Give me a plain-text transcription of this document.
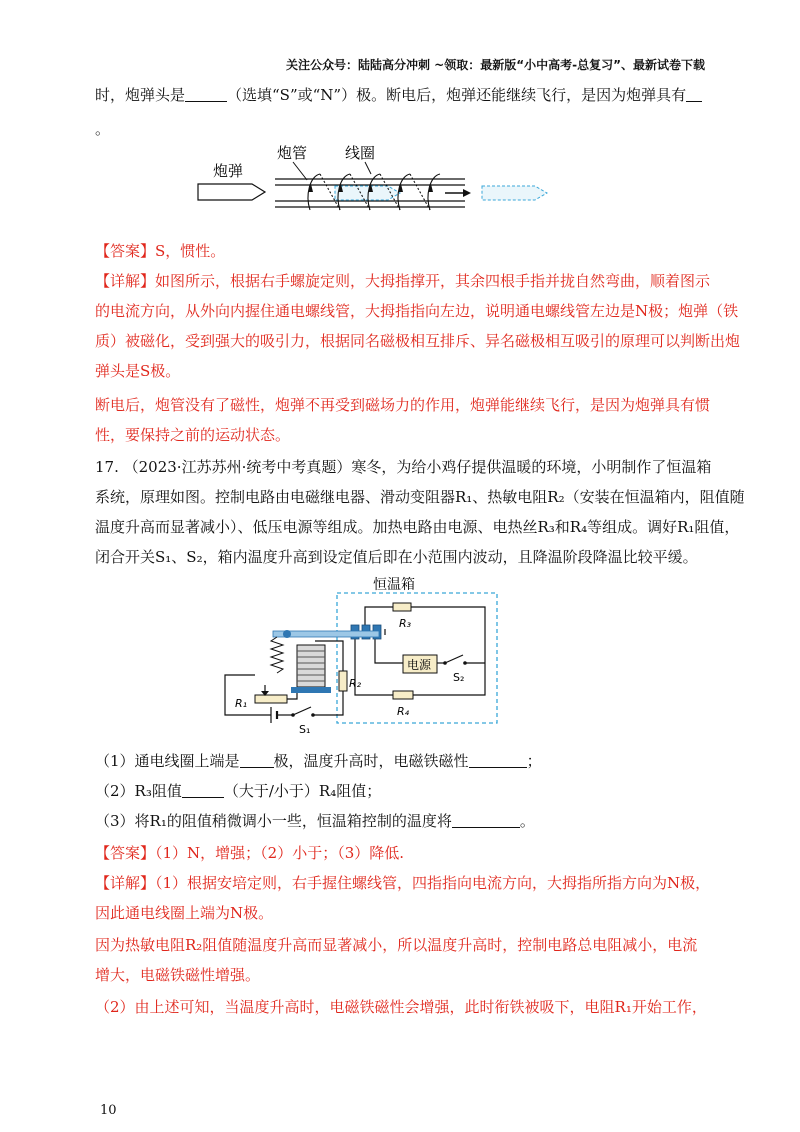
关注公众号：陆陆高分冲刺 ~领取：最新版“小中高考-总复习”、最新试卷下载
时，炮弹头是	（选填“S”或“N”）极。断电后，炮弹还能继续飞行，是因为炮弹具有
。
炮弹
炮管	线圈
【答案】S，惯性。
【详解】如图所示，根据右手螺旋定则，大拇指撑开，其余四根手指并拢自然弯曲，顺着图示
的电流方向，从外向内握住通电螺线管，大拇指指向左边，说明通电螺线管左边是N极；炮弹（铁
质）被磁化，受到强大的吸引力，根据同名磁极相互排斥、异名磁极相互吸引的原理可以判断出炮
弹头是S极。
断电后，炮管没有了磁性，炮弹不再受到磁场力的作用，炮弹能继续飞行，是因为炮弹具有惯
性，要保持之前的运动状态。
17. （2023·江苏苏州·统考中考真题）寒冬，为给小鸡仔提供温暖的环境，小明制作了恒温箱
系统，原理如图。控制电路由电磁继电器、滑动变阻器R₁、热敏电阻R₂（安装在恒温箱内，阻值随
温度升高而显著减小）、低压电源等组成。加热电路由电源、电热丝R₃和R₄等组成。调好R₁阻值，
闭合开关S₁、S₂，箱内温度升高到设定值后即在小范围内波动，且降温阶段降温比较平缓。
恒温箱
R₃
电源
S₂
R₄
R₂
R₁
S₁
（1）通电线圈上端是 极，温度升高时，电磁铁磁性	；
（2）R₃阻值	（大于/小于）R₄阻值；
（3）将R₁的阻值稍微调小一些，恒温箱控制的温度将	。
【答案】（1）N，增强；（2）小于；（3）降低.
【详解】（1）根据安培定则，右手握住螺线管，四指指向电流方向，大拇指所指方向为N极，
因此通电线圈上端为N极。
因为热敏电阻R₂阻值随温度升高而显著减小，所以温度升高时，控制电路总电阻减小，电流
增大，电磁铁磁性增强。
（2）由上述可知，当温度升高时，电磁铁磁性会增强，此时衔铁被吸下，电阻R₁开始工作，
10
